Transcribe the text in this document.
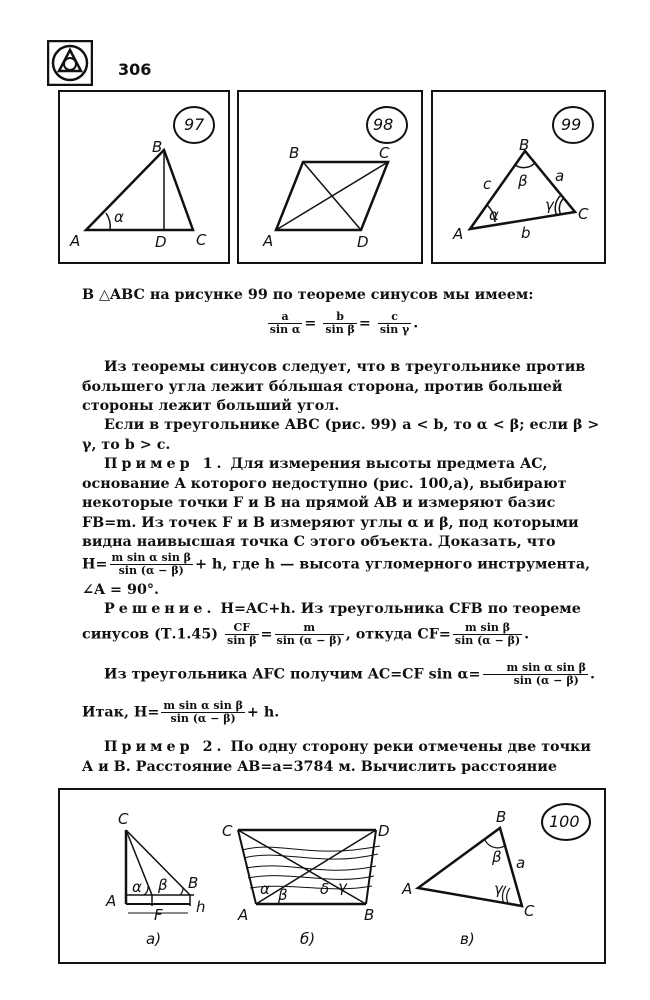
306
97
A
B
C
D
α
98
A
B	C
D
99
A
B
C
a
b
c
α
β
γ
В △ABC на рисунке 99 по теореме синусов мы имеем:
$\frac{a}{\text{sin α}} = \frac{b}{\text{sin β}} = \frac{c}{\text{sin γ}}$ .
Из теоремы синусов следует, что в треугольнике против большего угла лежит бóльшая сторона, против большей стороны лежит больший угол.
Если в треугольнике ABC (рис. 99) a < b, то α < β; если β > γ, то b > c.
Пример 1. Для измерения высоты предмета AC, основание A которого недоступно (рис. 100,а), выбирают некоторые точки F и B на прямой AB и измеряют базис FB=m. Из точек F и B измеряют углы α и β, под которыми видна наивысшая точка C этого объекта. Доказать, что
$H= \frac{\text{m sin α sin β}}{\sin (\alpha - \beta)} + h$, где h — высота угломерного инструмента,
∠A = 90°.
Решение. H=AC+h. Из треугольника CFB по теореме
синусов $(Т.1.45) \frac{CF}{\text{sin β}} = \frac{m}{\sin (\alpha - \beta)}$ , откуда $CF= \frac{\text{m sin β}}{\sin (\alpha - \beta)}$ .
Из треугольника AFC получим AC=CF $\sin \alpha= \frac{\text{m sin α sin β}}{\sin (\alpha - \beta)}$ .
Итак, $H= \frac{\text{m sin α sin β}}{\sin (\alpha - \beta)} + h$.
Пример 2. По одну сторону реки отмечены две точки A и B. Расстояние AB=a=3784 м. Вычислить расстояние
100
C
A
B
F h
α β
C	D
A	B
α β δ γ	A
B
C
a
β
γ
а)	б)	в)
